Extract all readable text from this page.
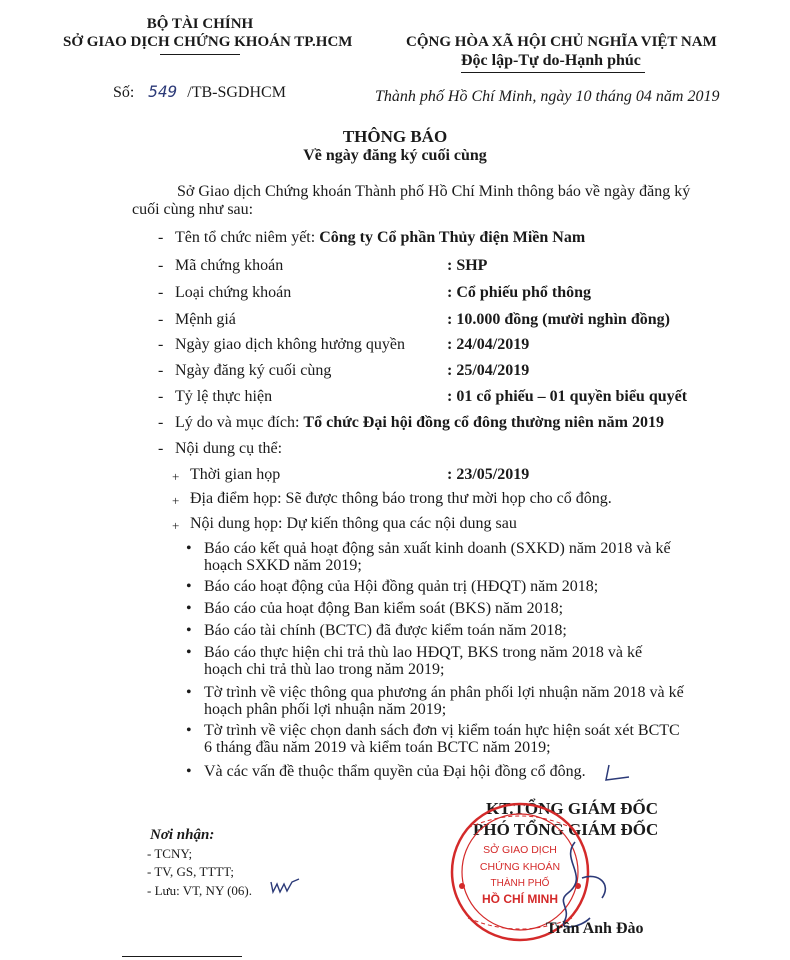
BỘ TÀI CHÍNH
SỞ GIAO DỊCH CHỨNG KHOÁN TP.HCM	CỘNG HÒA XÃ HỘI CHỦ NGHĨA VIỆT NAM
Độc lập-Tự do-Hạnh phúc
Số: 549 /TB-SGDHCM	Thành phố Hồ Chí Minh, ngày 10 tháng 04 năm 2019
THÔNG BÁO
Về ngày đăng ký cuối cùng
Sở Giao dịch Chứng khoán Thành phố Hồ Chí Minh thông báo về ngày đăng ký
cuối cùng như sau:
- Tên tổ chức niêm yết: Công ty Cổ phần Thủy điện Miền Nam
- Mã chứng khoán	: SHP
- Loại chứng khoán	: Cổ phiếu phổ thông
- Mệnh giá	: 10.000 đồng (mười nghìn đồng)
- Ngày giao dịch không hưởng quyền	: 24/04/2019
- Ngày đăng ký cuối cùng	: 25/04/2019
- Tỷ lệ thực hiện	: 01 cổ phiếu – 01 quyền biểu quyết
- Lý do và mục đích: Tổ chức Đại hội đồng cổ đông thường niên năm 2019
- Nội dung cụ thể:
+ Thời gian họp	: 23/05/2019
+ Địa điểm họp: Sẽ được thông báo trong thư mời họp cho cổ đông.
+ Nội dung họp: Dự kiến thông qua các nội dung sau
• Báo cáo kết quả hoạt động sản xuất kinh doanh (SXKD) năm 2018 và kế
hoạch SXKD năm 2019;
• Báo cáo hoạt động của Hội đồng quản trị (HĐQT) năm 2018;
• Báo cáo của hoạt động Ban kiểm soát (BKS) năm 2018;
• Báo cáo tài chính (BCTC) đã được kiểm toán năm 2018;
• Báo cáo thực hiện chi trả thù lao HĐQT, BKS trong năm 2018 và kế
hoạch chi trả thù lao trong năm 2019;
• Tờ trình về việc thông qua phương án phân phối lợi nhuận năm 2018 và kế
hoạch phân phối lợi nhuận năm 2019;
• Tờ trình về việc chọn danh sách đơn vị kiểm toán hực hiện soát xét BCTC
6 tháng đầu năm 2019 và kiểm toán BCTC năm 2019;
• Và các vấn đề thuộc thẩm quyền của Đại hội đồng cổ đông.
Nơi nhận:
- TCNY;
- TV, GS, TTTT;
- Lưu: VT, NY (06).
KT.TỔNG GIÁM ĐỐC
PHÓ TỔNG GIÁM ĐỐC
SỞ GIAO DỊCH
CHỨNG KHOÁN
THÀNH PHỐ
HỒ CHÍ MINH
Trần Anh Đào
